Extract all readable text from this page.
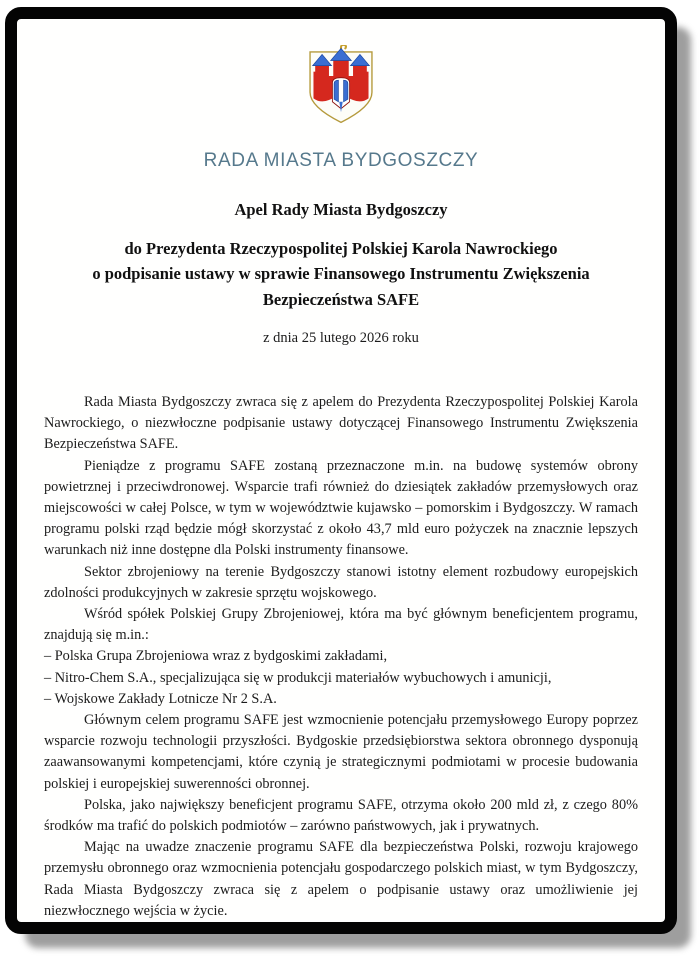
RADA MIASTA BYDGOSZCZY
Apel Rady Miasta Bydgoszczy
do Prezydenta Rzeczypospolitej Polskiej Karola Nawrockiego
o podpisanie ustawy w sprawie Finansowego Instrumentu Zwiększenia
Bezpieczeństwa SAFE
z dnia 25 lutego 2026 roku

Rada Miasta Bydgoszczy zwraca się z apelem do Prezydenta Rzeczypospolitej Polskiej Karola Nawrockiego, o niezwłoczne podpisanie ustawy dotyczącej Finansowego Instrumentu Zwiększenia Bezpieczeństwa SAFE.

Pieniądze z programu SAFE zostaną przeznaczone m.in. na budowę systemów obrony powietrznej i przeciwdronowej. Wsparcie trafi również do dziesiątek zakładów przemysłowych oraz miejscowości w całej Polsce, w tym w województwie kujawsko – pomorskim i Bydgoszczy. W ramach programu polski rząd będzie mógł skorzystać z około 43,7 mld euro pożyczek na znacznie lepszych warunkach niż inne dostępne dla Polski instrumenty finansowe.

Sektor zbrojeniowy na terenie Bydgoszczy stanowi istotny element rozbudowy europejskich zdolności produkcyjnych w zakresie sprzętu wojskowego.

Wśród spółek Polskiej Grupy Zbrojeniowej, która ma być głównym beneficjentem programu, znajdują się m.in.:

– Polska Grupa Zbrojeniowa wraz z bydgoskimi zakładami,

– Nitro-Chem S.A., specjalizująca się w produkcji materiałów wybuchowych i amunicji,

– Wojskowe Zakłady Lotnicze Nr 2 S.A.

Głównym celem programu SAFE jest wzmocnienie potencjału przemysłowego Europy poprzez wsparcie rozwoju technologii przyszłości. Bydgoskie przedsiębiorstwa sektora obronnego dysponują zaawansowanymi kompetencjami, które czynią je strategicznymi podmiotami w procesie budowania polskiej i europejskiej suwerenności obronnej.

Polska, jako największy beneficjent programu SAFE, otrzyma około 200 mld zł, z czego 80% środków ma trafić do polskich podmiotów – zarówno państwowych, jak i prywatnych.

Mając na uwadze znaczenie programu SAFE dla bezpieczeństwa Polski, rozwoju krajowego przemysłu obronnego oraz wzmocnienia potencjału gospodarczego polskich miast, w tym Bydgoszczy, Rada Miasta Bydgoszczy zwraca się z apelem o podpisanie ustawy oraz umożliwienie jej niezwłocznego wejścia w życie.
